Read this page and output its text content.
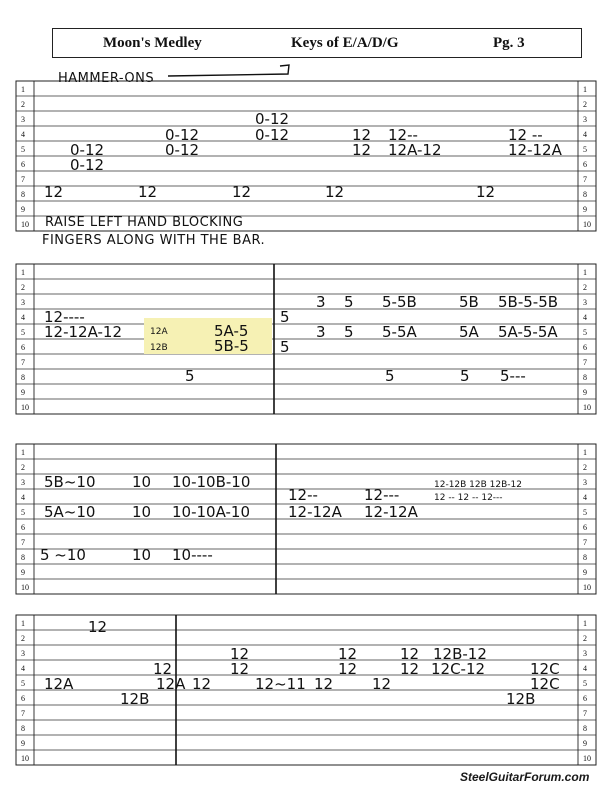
Moon's Medley	Keys of E/A/D/G	Pg. 3
1	1
2	2
3	3
4	4
5	5
6	6
7	7
8	8
9	9
10	10
1	1
2	2
3	3
4	4
5	5
6	6
7	7
8	8
9	9
10	10
1	1
2	2
3	3
4	4
5	5
6	6
7	7
8	8
9	9
10	10
1	1
2	2
3	3
4	4
5	5
6	6
7	7
8	8
9	9
10	10
HAMMER-ONS
RAISE LEFT HAND BLOCKING
FINGERS ALONG WITH THE BAR.
0-12
0-12	0-12
0-12	0-12
0-12
12 12--	12 --
12 12A-12	12-12A
12	12	12	12	12
12----
12-12A-12	12A	5A-5
12B	5B-5
5
5
5
3 5 5-5B	5B 5B-5-5B
3 5 5-5A	5A 5A-5-5A
5	5 5---
5B~10 10 10-10B-10
5A~10 10 10-10A-10
5 ~10	10 10----
12-12B 12B 12B-12
12--	12---	12 -- 12 -- 12---
12-12A 12-12A
12
12A
12
12A
12B
12
12
12
12~11 12	12
12
12
12
12
12B-12
12C-12	12C
12C
12B
SteelGuitarForum.com
